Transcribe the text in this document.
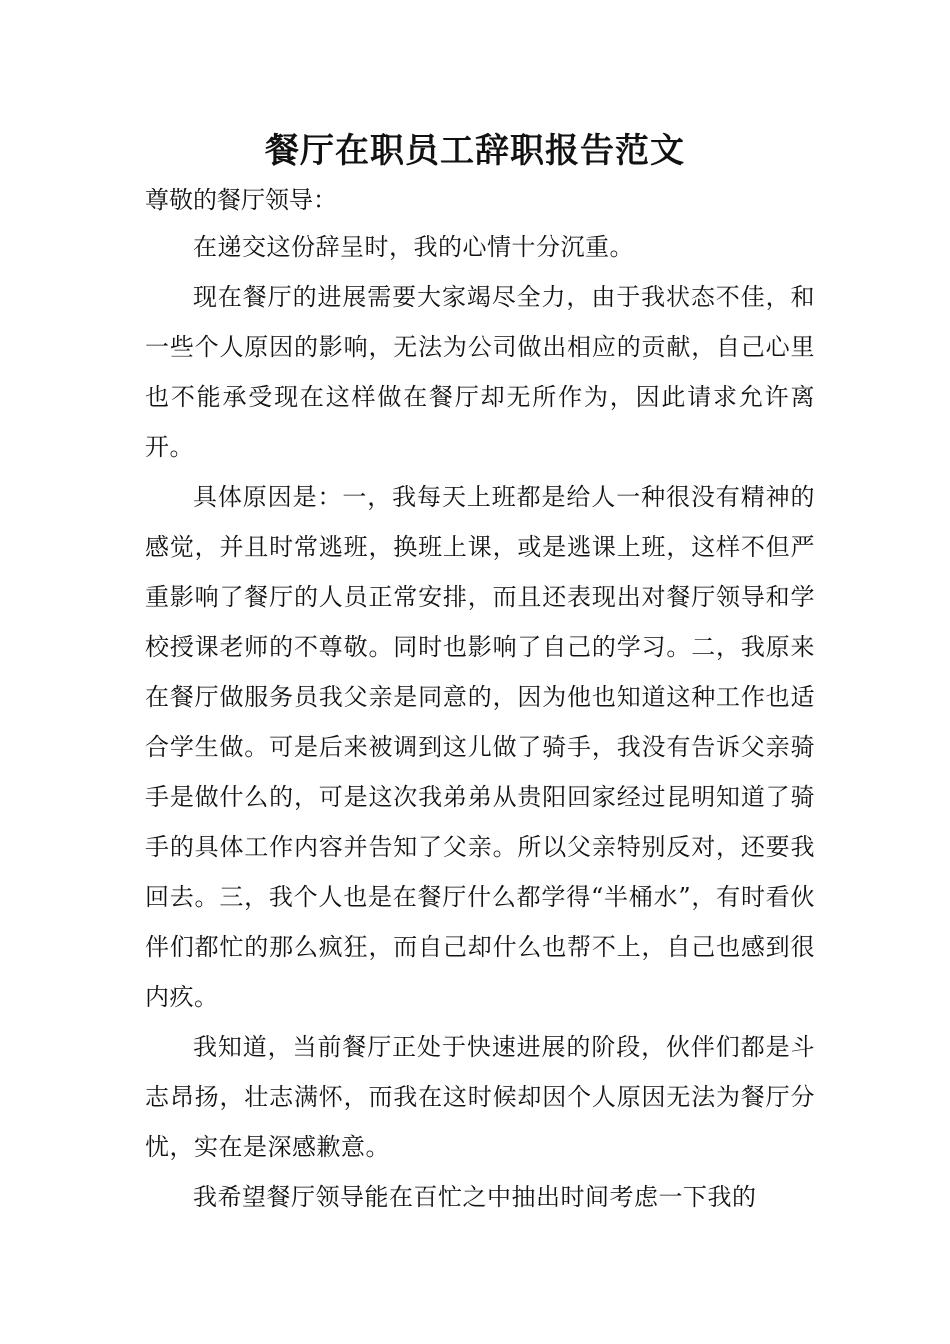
餐厅在职员工辞职报告范文

尊敬的餐厅领导：

在递交这份辞呈时，我的心情十分沉重。

现在餐厅的进展需要大家竭尽全力，由于我状态不佳，和一些个人原因的影响，无法为公司做出相应的贡献，自己心里也不能承受现在这样做在餐厅却无所作为，因此请求允许离开。

具体原因是：一，我每天上班都是给人一种很没有精神的感觉，并且时常逃班，换班上课，或是逃课上班，这样不但严重影响了餐厅的人员正常安排，而且还表现出对餐厅领导和学校授课老师的不尊敬。同时也影响了自己的学习。二，我原来在餐厅做服务员我父亲是同意的，因为他也知道这种工作也适合学生做。可是后来被调到这儿做了骑手，我没有告诉父亲骑手是做什么的，可是这次我弟弟从贵阳回家经过昆明知道了骑手的具体工作内容并告知了父亲。所以父亲特别反对，还要我回去。三，我个人也是在餐厅什么都学得“半桶水”，有时看伙伴们都忙的那么疯狂，而自己却什么也帮不上，自己也感到很内疚。

我知道，当前餐厅正处于快速进展的阶段，伙伴们都是斗志昂扬，壮志满怀，而我在这时候却因个人原因无法为餐厅分忧，实在是深感歉意。

我希望餐厅领导能在百忙之中抽出时间考虑一下我的
